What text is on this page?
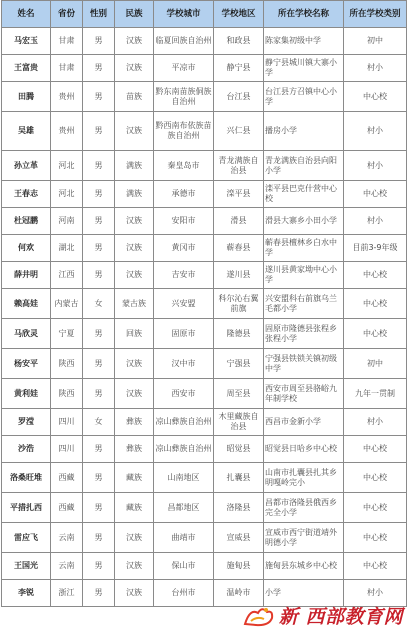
姓名	省份	性别	民族	学校城市	学校地区	所在学校名称	所在学校类别
马宏玉	甘肃	男	汉族	临夏回族自治州	和政县	陈家集初级中学	初中
王富贵	甘肃	男	汉族	平凉市	静宁县	静宁县城川镇大寨小学	村小
田腾	贵州	男	苗族	黔东南苗族侗族自治州	台江县	台江县方召镇中心小学	中心校
吴雄	贵州	男	汉族	黔西南布依族苗族自治州	兴仁县	播房小学	村小
孙立革	河北	男	满族	秦皇岛市	青龙满族自治县	青龙满族自治县向阳小学	村小
王春志	河北	男	满族	承德市	滦平县	滦平县巴克什营中心校	中心校
杜冠鹏	河南	男	汉族	安阳市	滑县	滑县大寨乡小田小学	村小
何欢	湖北	男	汉族	黄冈市	蕲春县	蕲春县檀林乡白水中学	目前3-9年级
薛井明	江西	男	汉族	吉安市	遂川县	遂川县黄家坳中心小学	中心校
赖高娃	内蒙古	女	蒙古族	兴安盟	科尔沁右翼前旗	兴安盟科右前旗乌兰毛都小学	中心校
马欣灵	宁夏	男	回族	固原市	隆德县	固原市隆德县张程乡张程小学	中心校
杨安平	陕西	男	汉族	汉中市	宁强县	宁强县铁锁关镇初级中学	初中
黄利娃	陕西	男	汉族	西安市	周至县	西安市周至县骆峪九年制学校	九年一贯制
罗滢	四川	女	彝族	凉山彝族自治州	木里藏族自治县	西昌市金新小学	村小
沙浩	四川	男	彝族	凉山彝族自治州	昭觉县	昭觉县日哈乡中心校	中心校
洛桑旺堆	西藏	男	藏族	山南地区	扎囊县	山南市扎囊县扎其乡明嘎岭完小	中心校
平措扎西	西藏	男	藏族	昌都地区	洛隆县	昌都市洛隆县俄西乡完全小学	中心校
雷应飞	云南	男	汉族	曲靖市	宣威县	宣威市西宁街道靖外明德小学	中心校
王国光	云南	男	汉族	保山市	施甸县	施甸县东城乡中心校	中心校
李锐	浙江	男	汉族	台州市	温岭市	小学	村小
新 西部教育网
